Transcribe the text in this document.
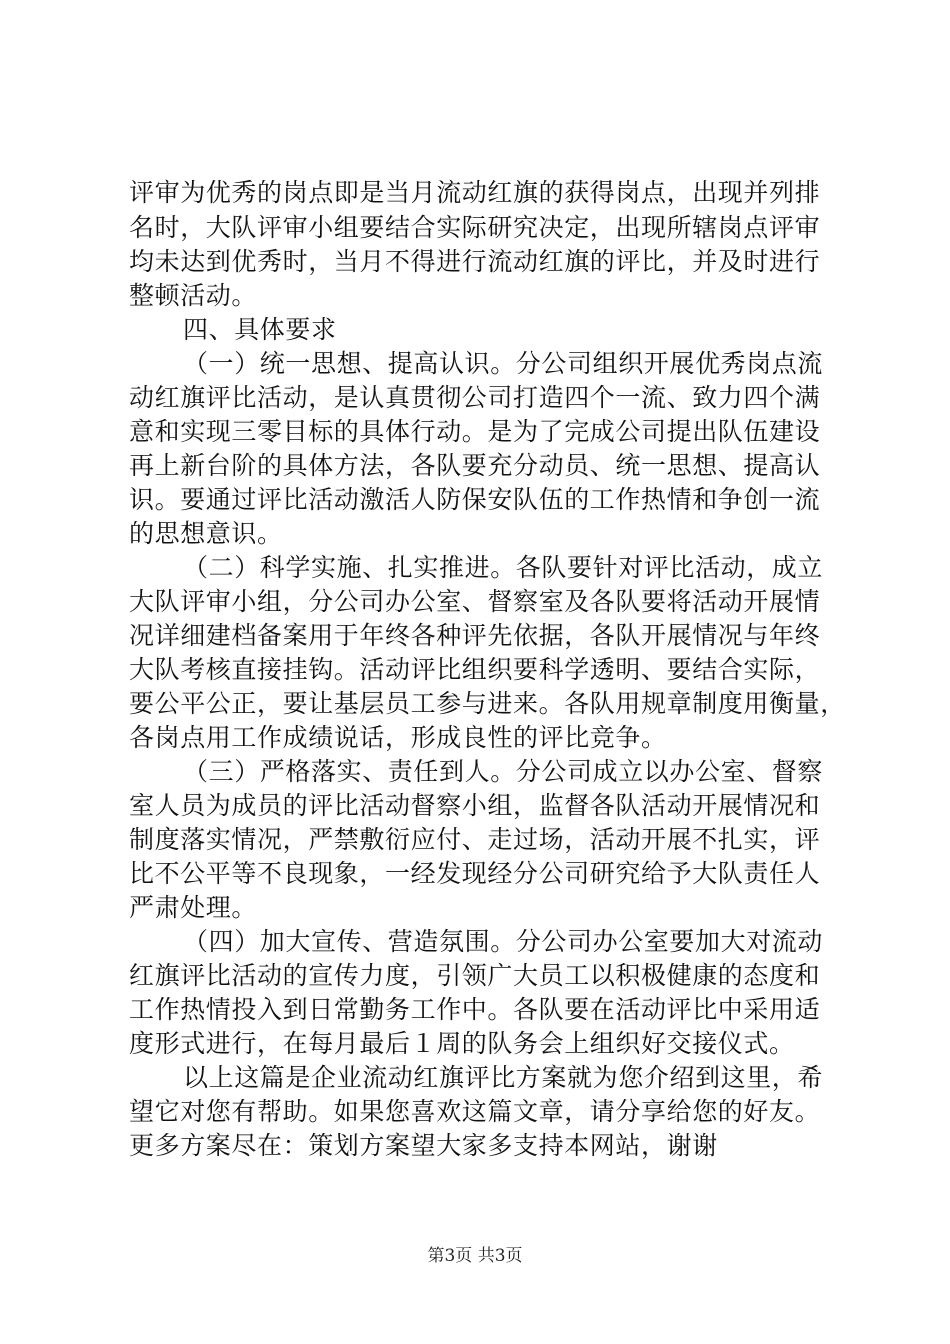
评审为优秀的岗点即是当月流动红旗的获得岗点，出现并列排
名时，大队评审小组要结合实际研究决定，出现所辖岗点评审
均未达到优秀时，当月不得进行流动红旗的评比，并及时进行
整顿活动。
四、具体要求
（一）统一思想、提高认识。分公司组织开展优秀岗点流
动红旗评比活动，是认真贯彻公司打造四个一流、致力四个满
意和实现三零目标的具体行动。是为了完成公司提出队伍建设
再上新台阶的具体方法，各队要充分动员、统一思想、提高认
识。要通过评比活动激活人防保安队伍的工作热情和争创一流
的思想意识。
（二）科学实施、扎实推进。各队要针对评比活动，成立
大队评审小组，分公司办公室、督察室及各队要将活动开展情
况详细建档备案用于年终各种评先依据，各队开展情况与年终
大队考核直接挂钩。活动评比组织要科学透明、要结合实际，
要公平公正，要让基层员工参与进来。各队用规章制度用衡量，
各岗点用工作成绩说话，形成良性的评比竞争。
（三）严格落实、责任到人。分公司成立以办公室、督察
室人员为成员的评比活动督察小组，监督各队活动开展情况和
制度落实情况，严禁敷衍应付、走过场，活动开展不扎实，评
比不公平等不良现象，一经发现经分公司研究给予大队责任人
严肃处理。
（四）加大宣传、营造氛围。分公司办公室要加大对流动
红旗评比活动的宣传力度，引领广大员工以积极健康的态度和
工作热情投入到日常勤务工作中。各队要在活动评比中采用适
度形式进行，在每月最后１周的队务会上组织好交接仪式。
以上这篇是企业流动红旗评比方案就为您介绍到这里，希
望它对您有帮助。如果您喜欢这篇文章，请分享给您的好友。
更多方案尽在：策划方案望大家多支持本网站，谢谢
第3页 共3页
